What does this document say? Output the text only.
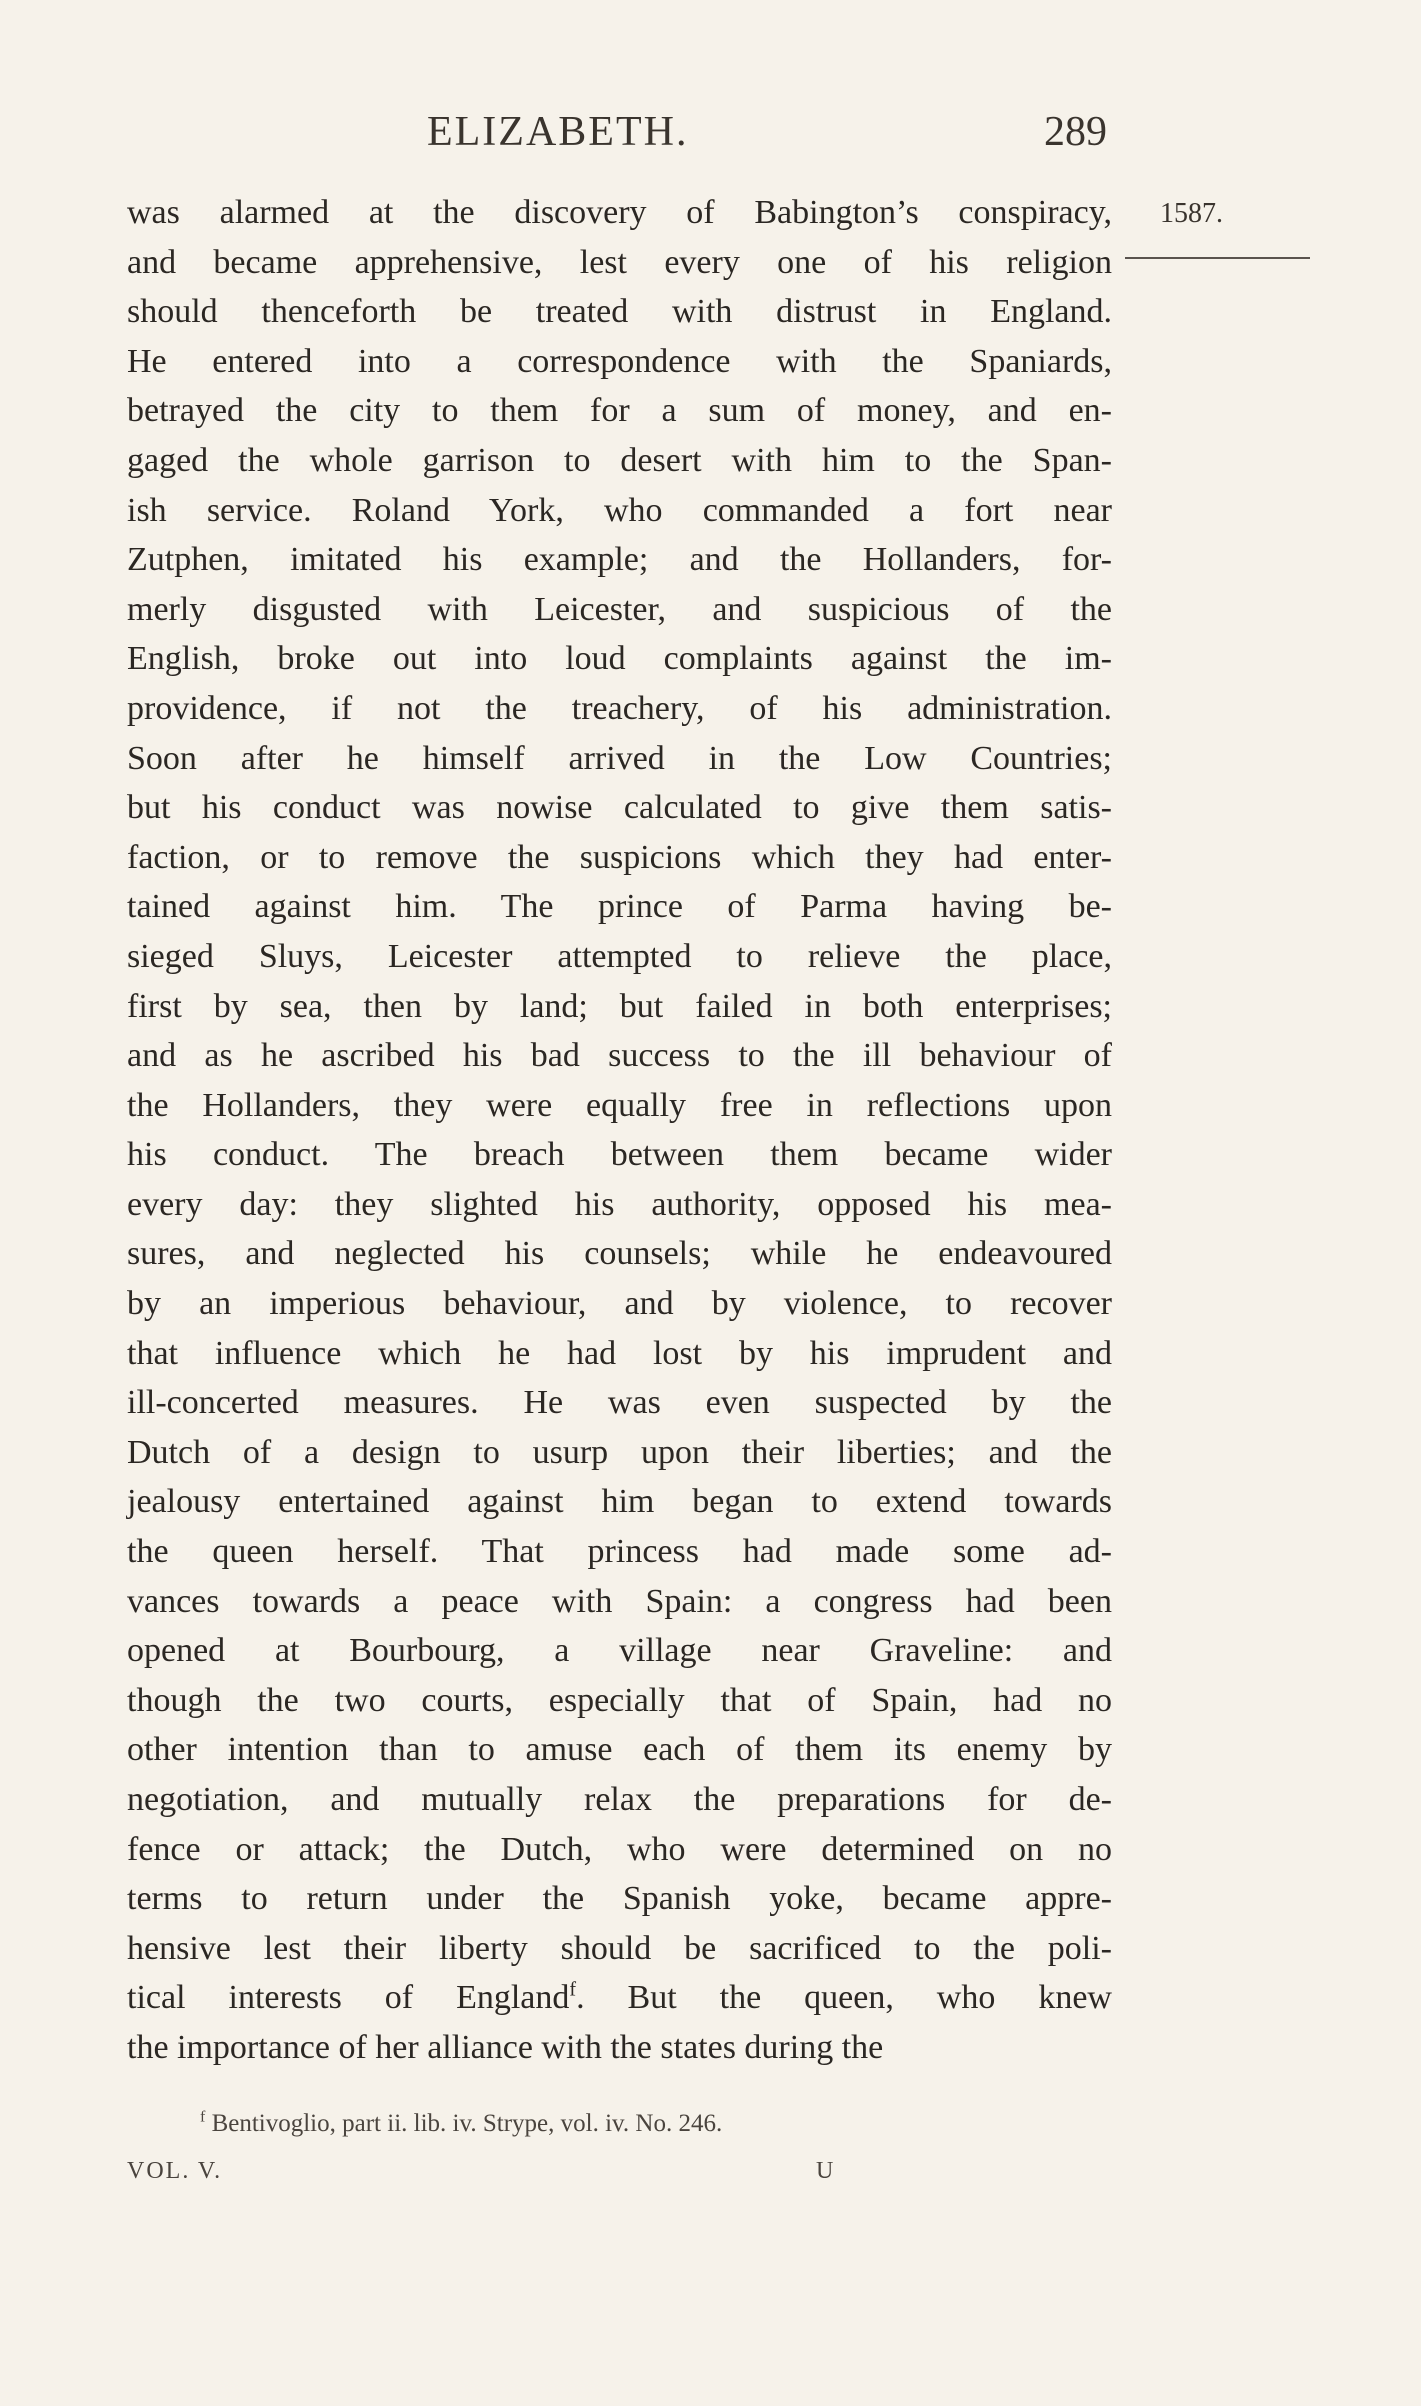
ELIZABETH.	289
1587.
was alarmed at the discovery of Babington’s conspiracy,
and became apprehensive, lest every one of his religion
should thenceforth be treated with distrust in England.
He entered into a correspondence with the Spaniards,
betrayed the city to them for a sum of money, and en-
gaged the whole garrison to desert with him to the Span-
ish service. Roland York, who commanded a fort near
Zutphen, imitated his example; and the Hollanders, for-
merly disgusted with Leicester, and suspicious of the
English, broke out into loud complaints against the im-
providence, if not the treachery, of his administration.
Soon after he himself arrived in the Low Countries;
but his conduct was nowise calculated to give them satis-
faction, or to remove the suspicions which they had enter-
tained against him. The prince of Parma having be-
sieged Sluys, Leicester attempted to relieve the place,
first by sea, then by land; but failed in both enterprises;
and as he ascribed his bad success to the ill behaviour of
the Hollanders, they were equally free in reflections upon
his conduct. The breach between them became wider
every day: they slighted his authority, opposed his mea-
sures, and neglected his counsels; while he endeavoured
by an imperious behaviour, and by violence, to recover
that influence which he had lost by his imprudent and
ill-concerted measures. He was even suspected by the
Dutch of a design to usurp upon their liberties; and the
jealousy entertained against him began to extend towards
the queen herself. That princess had made some ad-
vances towards a peace with Spain: a congress had been
opened at Bourbourg, a village near Graveline: and
though the two courts, especially that of Spain, had no
other intention than to amuse each of them its enemy by
negotiation, and mutually relax the preparations for de-
fence or attack; the Dutch, who were determined on no
terms to return under the Spanish yoke, became appre-
hensive lest their liberty should be sacrificed to the poli-
tical interests of England$^f$. But the queen, who knew
the importance of her alliance with the states during the
$^f$ Bentivoglio, part ii. lib. iv. Strype, vol. iv. No. 246.
VOL. V.	U
